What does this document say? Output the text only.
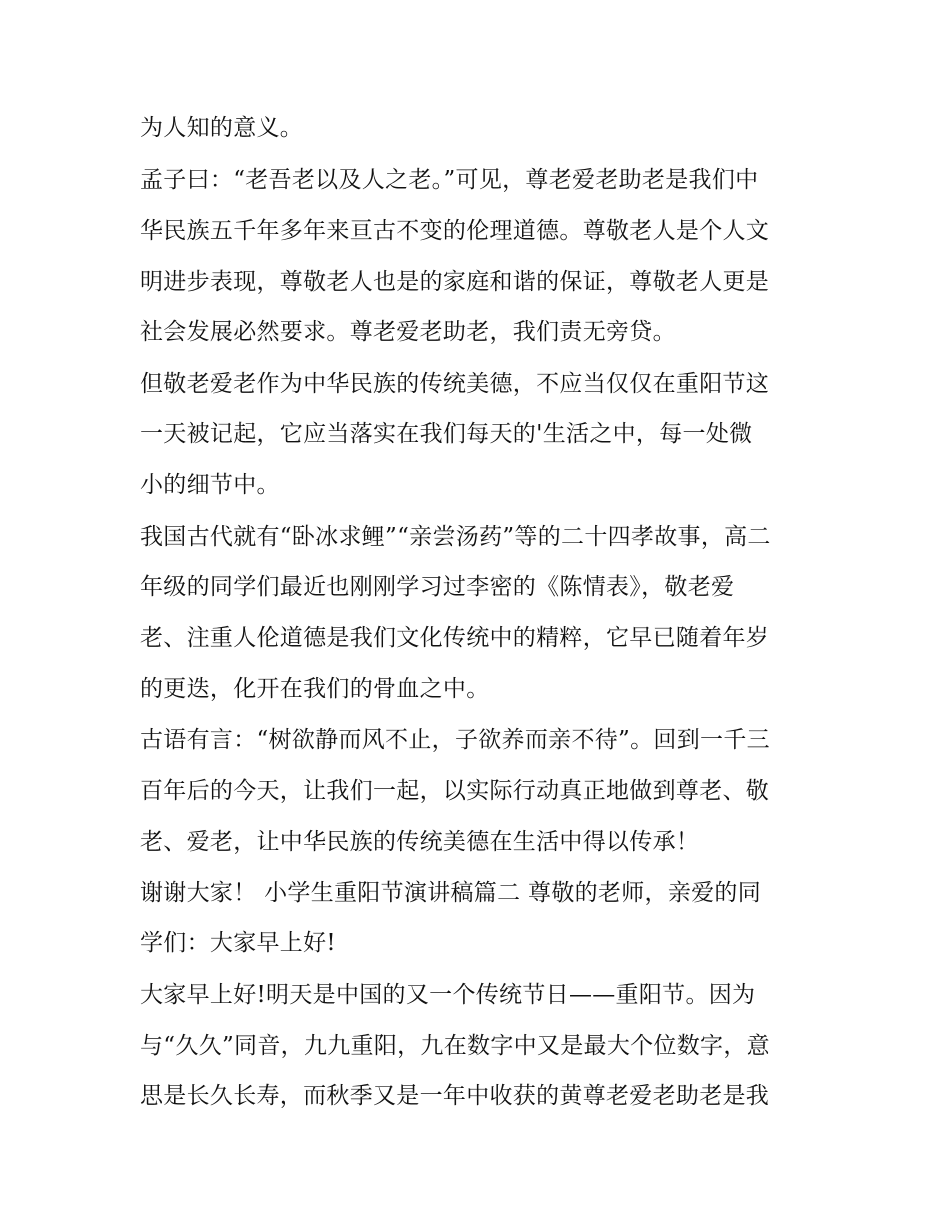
为人知的意义。
孟子曰：“老吾老以及人之老。”可见，尊老爱老助老是我们中
华民族五千年多年来亘古不变的伦理道德。尊敬老人是个人文
明进步表现，尊敬老人也是的家庭和谐的保证，尊敬老人更是
社会发展必然要求。尊老爱老助老，我们责无旁贷。
但敬老爱老作为中华民族的传统美德，不应当仅仅在重阳节这
一天被记起，它应当落实在我们每天的'生活之中，每一处微
小的细节中。
我国古代就有“卧冰求鲤”“亲尝汤药”等的二十四孝故事，高二
年级的同学们最近也刚刚学习过李密的《陈情表》，敬老爱
老、注重人伦道德是我们文化传统中的精粹，它早已随着年岁
的更迭，化开在我们的骨血之中。
古语有言：“树欲静而风不止，子欲养而亲不待”。回到一千三
百年后的今天，让我们一起，以实际行动真正地做到尊老、敬
老、爱老，让中华民族的传统美德在生活中得以传承！
谢谢大家！ 小学生重阳节演讲稿篇二 尊敬的老师，亲爱的同
学们：大家早上好!
大家早上好!明天是中国的又一个传统节日——重阳节。因为
与“久久”同音，九九重阳，九在数字中又是最大个位数字，意
思是长久长寿，而秋季又是一年中收获的黄尊老爱老助老是我
